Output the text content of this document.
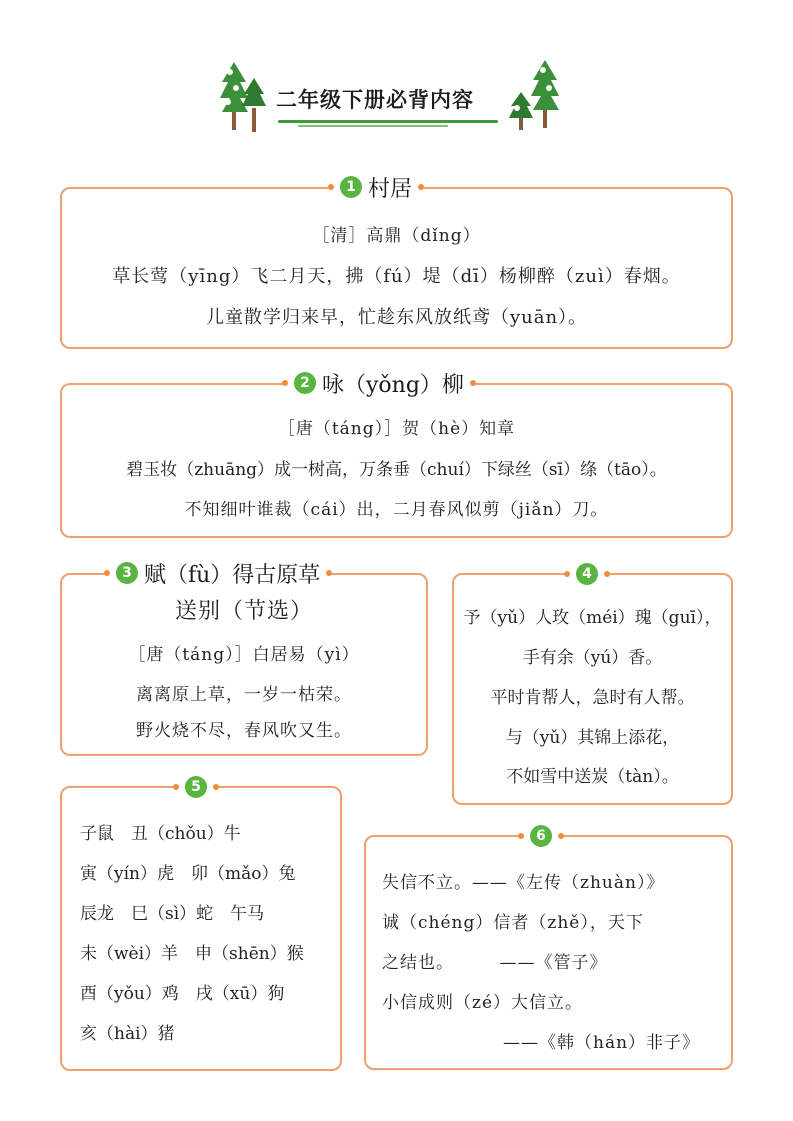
二年级下册必背内容
1 村居
［清］高鼎（dǐng）
草长莺（yīng）飞二月天，拂（fú）堤（dī）杨柳醉（zuì）春烟。
儿童散学归来早，忙趁东风放纸鸢（yuān）。
2 咏（yǒng）柳
［唐（táng）］贺（hè）知章
碧玉妆（zhuāng）成一树高，万条垂（chuí）下绿丝（sī）绦（tāo）。
不知细叶谁裁（cái）出，二月春风似剪（jiǎn）刀。
3 赋（fù）得古原草
送别（节选）
［唐（táng）］白居易（yì）
离离原上草，一岁一枯荣。
野火烧不尽，春风吹又生。
4
予（yǔ）人玫（méi）瑰（guī），
手有余（yú）香。
平时肯帮人，急时有人帮。
与（yǔ）其锦上添花，
不如雪中送炭（tàn）。
5
子鼠　丑（chǒu）牛
寅（yín）虎　卯（mǎo）兔
辰龙　巳（sì）蛇　午马
未（wèi）羊　申（shēn）猴
酉（yǒu）鸡　戌（xū）狗
亥（hài）猪
6
失信不立。——《左传（zhuàn）》
诚（chéng）信者（zhě），天下
之结也。　　　——《管子》
小信成则（zé）大信立。
——《韩（hán）非子》
